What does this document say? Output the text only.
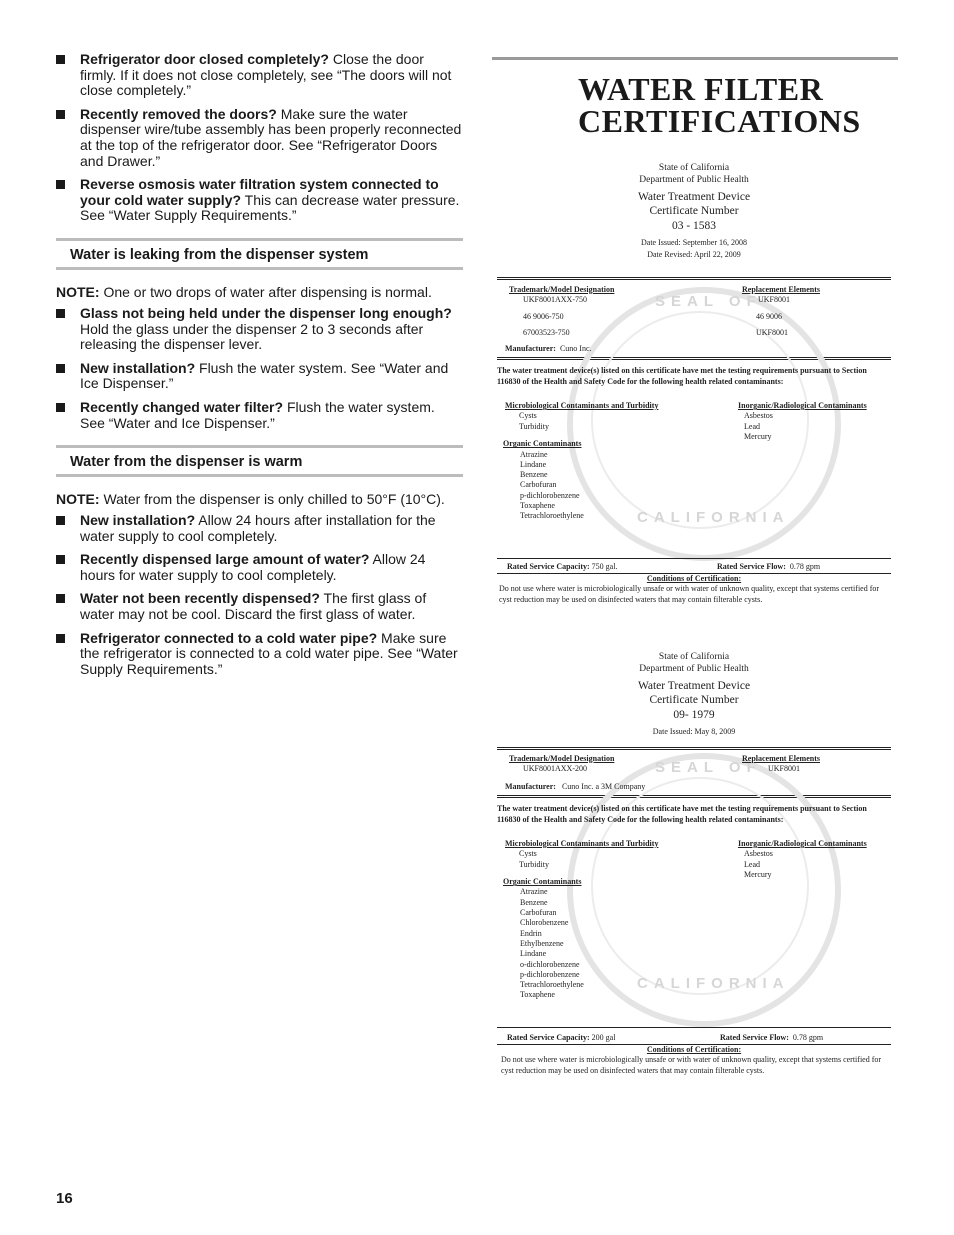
Refrigerator door closed completely? Close the door firmly. If it does not close completely, see “The doors will not close completely.”
Recently removed the doors? Make sure the water dispenser wire/tube assembly has been properly reconnected at the top of the refrigerator door. See “Refrigerator Doors and Drawer.”
Reverse osmosis water filtration system connected to your cold water supply? This can decrease water pressure. See “Water Supply Requirements.”
Water is leaking from the dispenser system
NOTE: One or two drops of water after dispensing is normal.
Glass not being held under the dispenser long enough? Hold the glass under the dispenser 2 to 3 seconds after releasing the dispenser lever.
New installation? Flush the water system. See “Water and Ice Dispenser.”
Recently changed water filter? Flush the water system. See “Water and Ice Dispenser.”
Water from the dispenser is warm
NOTE: Water from the dispenser is only chilled to 50°F (10°C).
New installation? Allow 24 hours after installation for the water supply to cool completely.
Recently dispensed large amount of water? Allow 24 hours for water supply to cool completely.
Water not been recently dispensed? The first glass of water may not be cool. Discard the first glass of water.
Refrigerator connected to a cold water pipe? Make sure the refrigerator is connected to a cold water pipe. See “Water Supply Requirements.”
WATER FILTER
CERTIFICATIONS
State of California
Department of Public Health
Water Treatment Device
Certificate Number
03 - 1583
Date Issued: September 16, 2008
Date Revised: April 22, 2009
SEAL OF
CALIFORNIA
Trademark/Model Designation	Replacement Elements
UKF8001AXX-750	UKF8001
46 9006-750	46 9006
67003523-750	UKF8001
Manufacturer: Cuno Inc.
The water treatment device(s) listed on this certificate have met the testing requirements pursuant to Section 116830 of the Health and Safety Code for the following health related contaminants:
Microbiological Contaminants and Turbidity
Cysts
Turbidity
Inorganic/Radiological Contaminants
Asbestos
Lead
Mercury
Organic Contaminants
Atrazine
Lindane
Benzene
Carbofuran
p-dichlorobenzene
Toxaphene
Tetrachloroethylene
Rated Service Capacity: 750 gal.	Rated Service Flow: 0.78 gpm
Conditions of Certification:
Do not use where water is microbiologically unsafe or with water of unknown quality, except that systems certified for cyst reduction may be used on disinfected waters that may contain filterable cysts.
State of California
Department of Public Health
Water Treatment Device
Certificate Number
09- 1979
Date Issued: May 8, 2009
SEAL OF
CALIFORNIA
Trademark/Model Designation	Replacement Elements
UKF8001AXX-200	UKF8001
Manufacturer: Cuno Inc. a 3M Company
The water treatment device(s) listed on this certificate have met the testing requirements pursuant to Section 116830 of the Health and Safety Code for the following health related contaminants:
Microbiological Contaminants and Turbidity
Cysts
Turbidity
Inorganic/Radiological Contaminants
Asbestos
Lead
Mercury
Organic Contaminants
Atrazine
Benzene
Carbofuran
Chlorobenzene
Endrin
Ethylbenzene
Lindane
o-dichlorobenzene
p-dichlorobenzene
Tetrachloroethylene
Toxaphene
Rated Service Capacity: 200 gal	Rated Service Flow: 0.78 gpm
Conditions of Certification:
Do not use where water is microbiologically unsafe or with water of unknown quality, except that systems certified for cyst reduction may be used on disinfected waters that may contain filterable cysts.
16
